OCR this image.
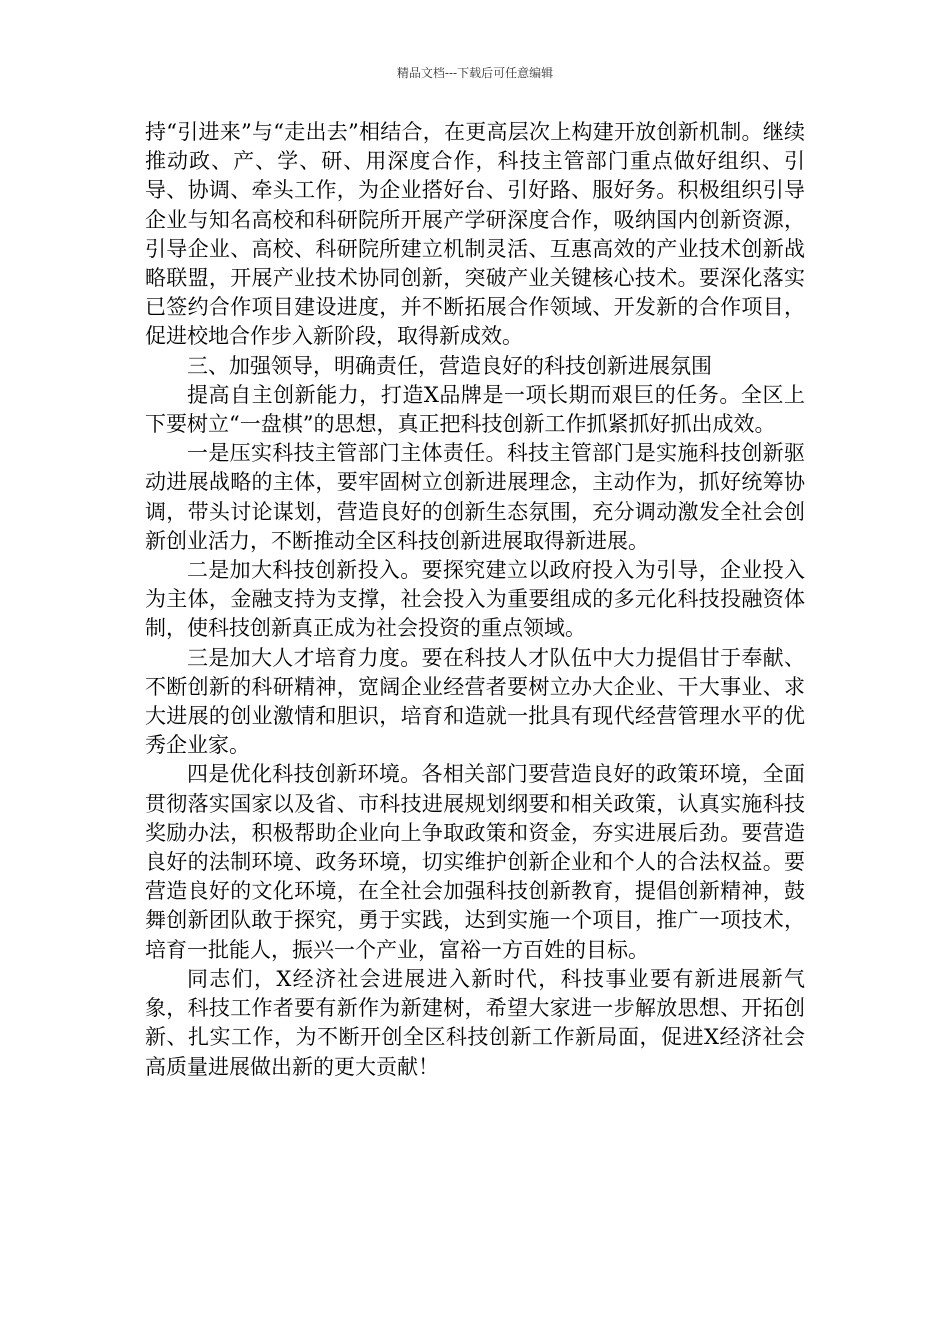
精品文档---下载后可任意编辑

持“引进来”与“走出去”相结合，在更高层次上构建开放创新机制。继续推动政、产、学、研、用深度合作，科技主管部门重点做好组织、引导、协调、牵头工作，为企业搭好台、引好路、服好务。积极组织引导企业与知名高校和科研院所开展产学研深度合作，吸纳国内创新资源，引导企业、高校、科研院所建立机制灵活、互惠高效的产业技术创新战略联盟，开展产业技术协同创新，突破产业关键核心技术。要深化落实已签约合作项目建设进度，并不断拓展合作领域、开发新的合作项目，促进校地合作步入新阶段，取得新成效。

三、加强领导，明确责任，营造良好的科技创新进展氛围

提高自主创新能力，打造X品牌是一项长期而艰巨的任务。全区上下要树立“一盘棋”的思想，真正把科技创新工作抓紧抓好抓出成效。

一是压实科技主管部门主体责任。科技主管部门是实施科技创新驱动进展战略的主体，要牢固树立创新进展理念，主动作为，抓好统筹协调，带头讨论谋划，营造良好的创新生态氛围，充分调动激发全社会创新创业活力，不断推动全区科技创新进展取得新进展。

二是加大科技创新投入。要探究建立以政府投入为引导，企业投入为主体，金融支持为支撑，社会投入为重要组成的多元化科技投融资体制，使科技创新真正成为社会投资的重点领域。

三是加大人才培育力度。要在科技人才队伍中大力提倡甘于奉献、不断创新的科研精神，宽阔企业经营者要树立办大企业、干大事业、求大进展的创业激情和胆识，培育和造就一批具有现代经营管理水平的优秀企业家。

四是优化科技创新环境。各相关部门要营造良好的政策环境，全面贯彻落实国家以及省、市科技进展规划纲要和相关政策，认真实施科技奖励办法，积极帮助企业向上争取政策和资金，夯实进展后劲。要营造良好的法制环境、政务环境，切实维护创新企业和个人的合法权益。要营造良好的文化环境，在全社会加强科技创新教育，提倡创新精神，鼓舞创新团队敢于探究，勇于实践，达到实施一个项目，推广一项技术，培育一批能人，振兴一个产业，富裕一方百姓的目标。

同志们，X经济社会进展进入新时代，科技事业要有新进展新气象，科技工作者要有新作为新建树，希望大家进一步解放思想、开拓创新、扎实工作，为不断开创全区科技创新工作新局面，促进X经济社会高质量进展做出新的更大贡献！
